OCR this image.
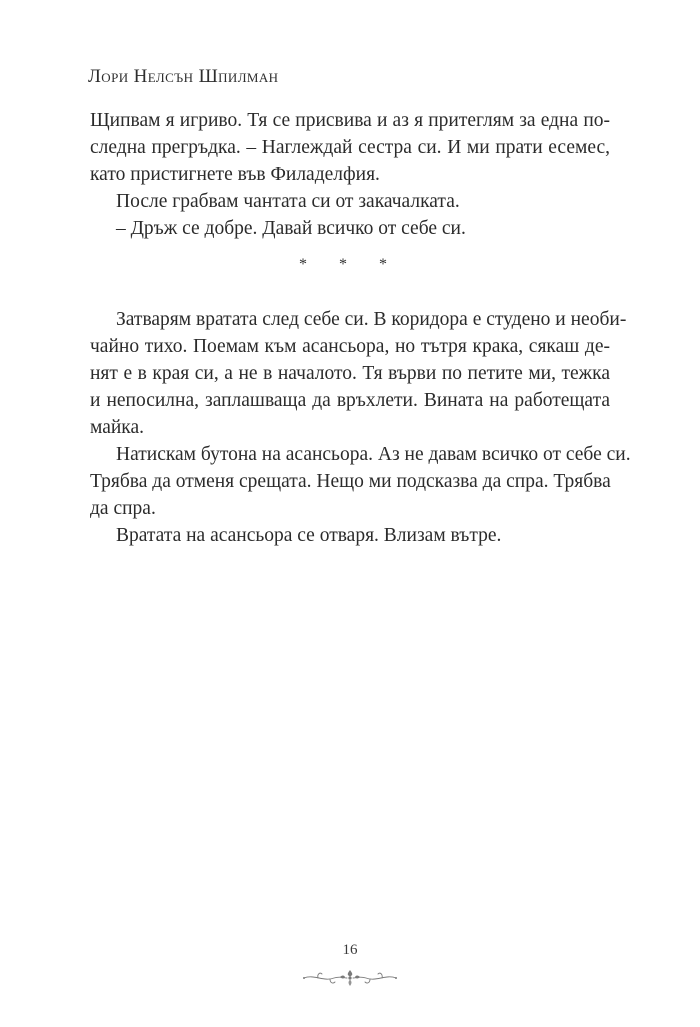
Лори Нелсън Шпилман

Щипвам я игриво. Тя се присвива и аз я притеглям за една по-
следна прегръдка. – Наглеждай сестра си. И ми прати есемес,
като пристигнете във Филаделфия.

После грабвам чантата си от закачалката.

– Дръж се добре. Давай всичко от себе си.

* * *

Затварям вратата след себе си. В коридора е студено и необи-
чайно тихо. Поемам към асансьора, но тътря крака, сякаш де-
нят е в края си, а не в началото. Тя върви по петите ми, тежка
и непосилна, заплашваща да връхлети. Вината на работещата
майка.

Натискам бутона на асансьора. Аз не давам всичко от себе си.
Трябва да отменя срещата. Нещо ми подсказва да спра. Трябва
да спра.

Вратата на асансьора се отваря. Влизам вътре.

16
